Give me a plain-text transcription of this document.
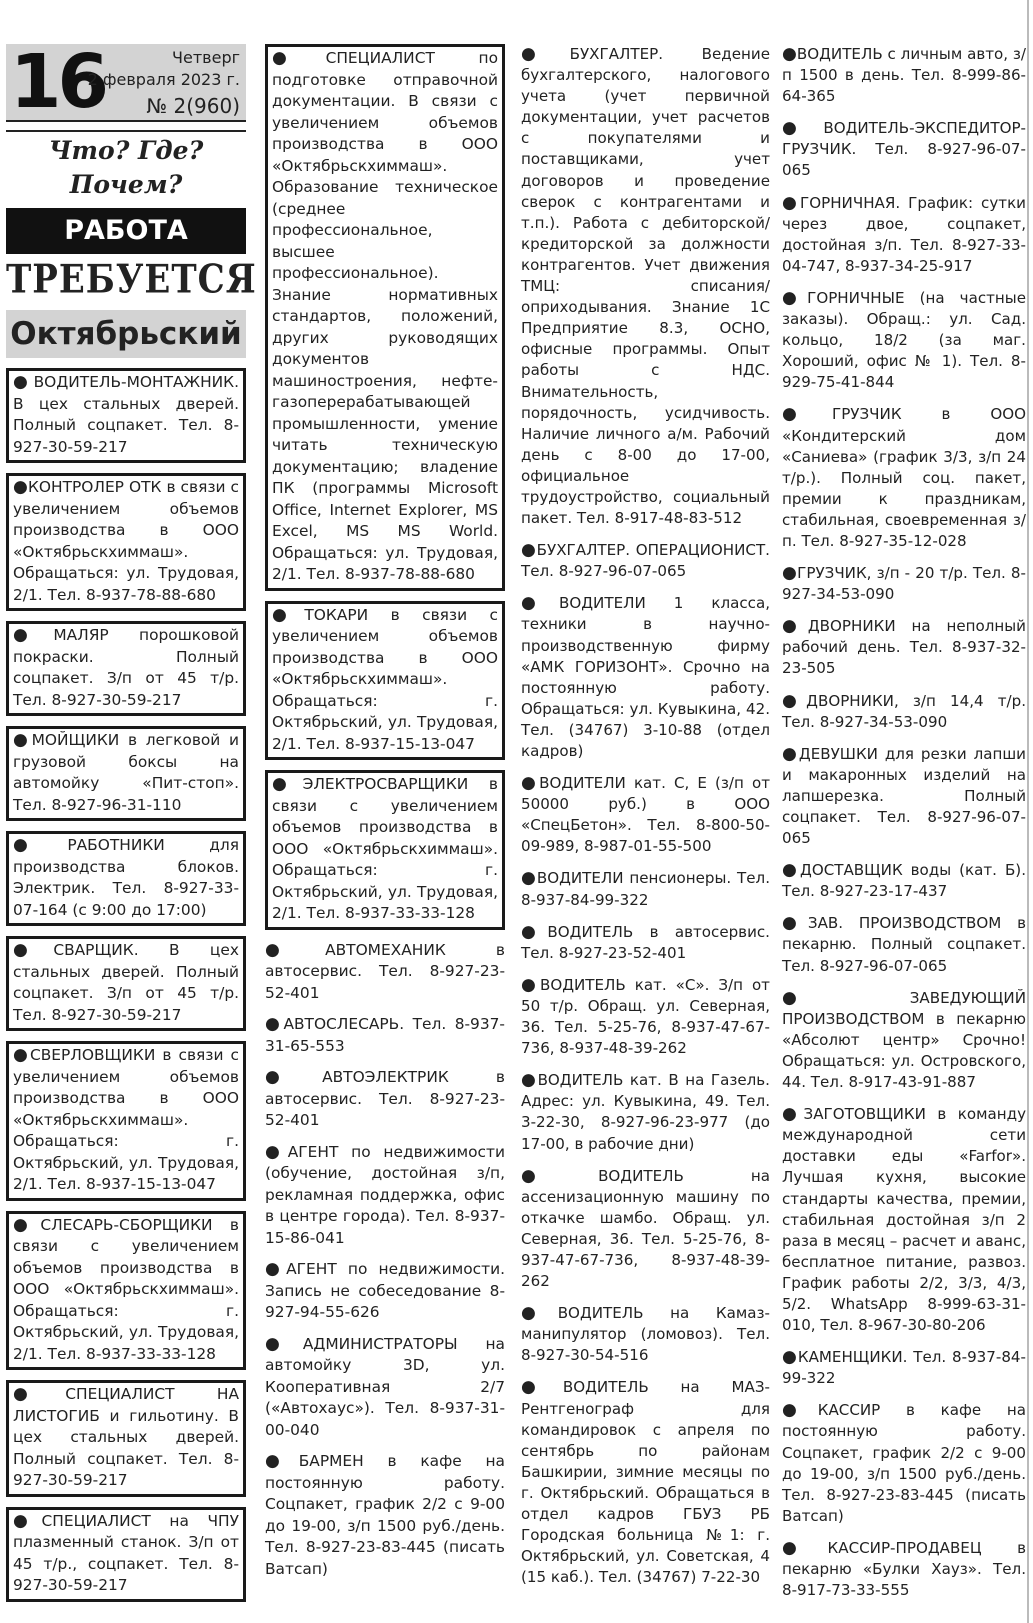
16	Четверг
2 февраля 2023 г.
№ 2(960)
Что? Где? Почем?
РАБОТА
ТРЕБУЕТСЯ
Октябрьский
●ВОДИТЕЛЬ-МОНТАЖНИК. В цех стальных дверей. Полный соцпакет. Тел. 8-927-30-59-217
●КОНТРОЛЕР ОТК в связи с увеличением объемов производства в ООО «Октябрьскхиммаш». Обращаться: ул. Трудовая, 2/1. Тел. 8-937-78-88-680
●МАЛЯР порошковой покраски. Полный соцпакет. З/п от 45 т/р. Тел. 8-927-30-59-217
●МОЙЩИКИ в легковой и грузовой боксы на автомойку «Пит-стоп». Тел. 8-927-96-31-110
●РАБОТНИКИ	для производства блоков. Электрик. Тел. 8-927-33-07-164 (с 9:00 до 17:00)
●СВАРЩИК. В цех стальных дверей. Полный соцпакет. З/п от 45 т/р. Тел. 8-927-30-59-217
●СВЕРЛОВЩИКИ в связи с увеличением объемов производства в ООО «Октябрьскхиммаш». Обращаться: г. Октябрьский, ул. Трудовая, 2/1. Тел. 8-937-15-13-047
●СЛЕСАРЬ-СБОРЩИКИ в связи с увеличением объемов производства в ООО «Октябрьскхиммаш». Обращаться: г. Октябрьский, ул. Трудовая, 2/1. Тел. 8-937-33-33-128
●СПЕЦИАЛИСТ НА ЛИСТОГИБ и гильотину. В цех стальных дверей. Полный соцпакет. Тел. 8-927-30-59-217
●СПЕЦИАЛИСТ на ЧПУ плазменный станок. З/п от 45 т/р., соцпакет. Тел. 8-927-30-59-217
●СПЕЦИАЛИСТ	по подготовке отправочной документации. В связи с увеличением объемов производства в ООО «Октябрьскхиммаш». Образование техническое (среднее профессиональное, высшее профессиональное). Знание нормативных стандартов, положений, других руководящих документов машиностроения, нефте-газоперерабатывающей промышленности, умение читать техническую документацию; владение ПК (программы Microsoft Office, Internet Explorer, MS Excel, MS MS World. Обращаться: ул. Трудовая, 2/1. Тел. 8-937-78-88-680
●ТОКАРИ в связи с увеличением объемов производства в ООО «Октябрьскхиммаш». Обращаться: г. Октябрьский, ул. Трудовая, 2/1. Тел. 8-937-15-13-047
●ЭЛЕКТРОСВАРЩИКИ в связи с увеличением объемов производства в ООО «Октябрьскхиммаш». Обращаться: г. Октябрьский, ул. Трудовая, 2/1. Тел. 8-937-33-33-128
●АВТОМЕХАНИК	в автосервис. Тел. 8-927-23-52-401
●АВТОСЛЕСАРЬ. Тел. 8-937-31-65-553
●АВТОЭЛЕКТРИК	в автосервис. Тел. 8-927-23-52-401
●АГЕНТ по недвижимости (обучение, достойная з/п, рекламная поддержка, офис в центре города). Тел. 8-937-15-86-041
●АГЕНТ по недвижимости. Запись не собеседование 8-927-94-55-626
●АДМИНИСТРАТОРЫ на автомойку 3D, ул. Кооперативная 2/7 («Автохаус»). Тел. 8-937-31-00-040
●БАРМЕН в кафе на постоянную работу. Соцпакет, график 2/2 с 9-00 до 19-00, з/п 1500 руб./день. Тел. 8-927-23-83-445 (писать Ватсап)
●БУХГАЛТЕР.	Ведение бухгалтерского, налогового учета (учет первичной документации, учет расчетов с покупателями и поставщиками, учет договоров и проведение сверок с контрагентами и т.п.). Работа с дебиторской/кредиторской за должности контрагентов. Учет движения ТМЦ: списания/оприходывания. Знание 1С Предприятие 8.3, ОСНО, офисные программы. Опыт работы с НДС. Внимательность, порядочность, усидчивость. Наличие личного а/м. Рабочий день с 8-00 до 17-00, официальное трудоустройство, социальный пакет. Тел. 8-917-48-83-512
●БУХГАЛТЕР. ОПЕРАЦИОНИСТ. Тел. 8-927-96-07-065
●ВОДИТЕЛИ 1 класса, техники в научно-производственную фирму «АМК ГОРИЗОНТ». Срочно на постоянную работу. Обращаться: ул. Кувыкина, 42. Тел. (34767) 3-10-88 (отдел кадров)
●ВОДИТЕЛИ кат. С, Е (з/п от 50000 руб.) в ООО «СпецБетон». Тел. 8-800-50-09-989, 8-987-01-55-500
●ВОДИТЕЛИ пенсионеры. Тел. 8-937-84-99-322
●ВОДИТЕЛЬ в автосервис. Тел. 8-927-23-52-401
●ВОДИТЕЛЬ кат. «С». З/п от 50 т/р. Обращ. ул. Северная, 36. Тел. 5-25-76, 8-937-47-67-736, 8-937-48-39-262
●ВОДИТЕЛЬ кат. В на Газель. Адрес: ул. Кувыкина, 49. Тел. 3-22-30, 8-927-96-23-977 (до 17-00, в рабочие дни)
●ВОДИТЕЛЬ	на ассенизационную машину по откачке шамбо. Обращ. ул. Северная, 36. Тел. 5-25-76, 8-937-47-67-736, 8-937-48-39-262
●ВОДИТЕЛЬ на Камаз-манипулятор (ломовоз). Тел. 8-927-30-54-516
●ВОДИТЕЛЬ на МАЗ-Рентгенограф для командировок с апреля по сентябрь по районам Башкирии, зимние месяцы по г. Октябрьский. Обращаться в отдел кадров ГБУЗ РБ Городская больница №1: г. Октябрьский, ул. Советская, 4 (15 каб.). Тел. (34767) 7-22-30
●ВОДИТЕЛЬ с личным авто, з/п 1500 в день. Тел. 8-999-86-64-365
●ВОДИТЕЛЬ-ЭКСПЕДИТОР-ГРУЗЧИК. Тел. 8-927-96-07-065
●ГОРНИЧНАЯ. График: сутки через двое, соцпакет, достойная з/п. Тел. 8-927-33-04-747, 8-937-34-25-917
●ГОРНИЧНЫЕ (на частные заказы). Обращ.: ул. Сад. кольцо, 18/2 (за маг. Хороший, офис № 1). Тел. 8-929-75-41-844
●ГРУЗЧИК	в ООО «Кондитерский дом «Саниева» (график 3/3, з/п 24 т/р.). Полный соц. пакет, премии к праздникам, стабильная, своевременная з/п. Тел. 8-927-35-12-028
●ГРУЗЧИК, з/п - 20 т/р. Тел. 8-927-34-53-090
●ДВОРНИКИ на неполный рабочий день. Тел. 8-937-32-23-505
●ДВОРНИКИ, з/п 14,4 т/р. Тел. 8-927-34-53-090
●ДЕВУШКИ для резки лапши и макаронных изделий на лапшерезка. Полный соцпакет. Тел. 8-927-96-07-065
●ДОСТАВЩИК воды (кат. Б). Тел. 8-927-23-17-437
●ЗАВ. ПРОИЗВОДСТВОМ в пекарню. Полный соцпакет. Тел. 8-927-96-07-065
●ЗАВЕДУЮЩИЙ ПРОИЗВОДСТВОМ в пекарню «Абсолют центр» Срочно! Обращаться: ул. Островского, 44. Тел. 8-917-43-91-887
●ЗАГОТОВЩИКИ в команду международной сети доставки еды «Farfor». Лучшая кухня, высокие стандарты качества, премии, стабильная достойная з/п 2 раза в месяц – расчет и аванс, бесплатное питание, развоз. График работы 2/2, 3/3, 4/3, 5/2. WhatsApp 8-999-63-31-010, Тел. 8-967-30-80-206
●КАМЕНЩИКИ. Тел. 8-937-84-99-322
●КАССИР в кафе на постоянную работу. Соцпакет, график 2/2 с 9-00 до 19-00, з/п 1500 руб./день. Тел. 8-927-23-83-445 (писать Ватсап)
●КАССИР-ПРОДАВЕЦ в пекарню «Булки Хауз». Тел. 8-917-73-33-555
